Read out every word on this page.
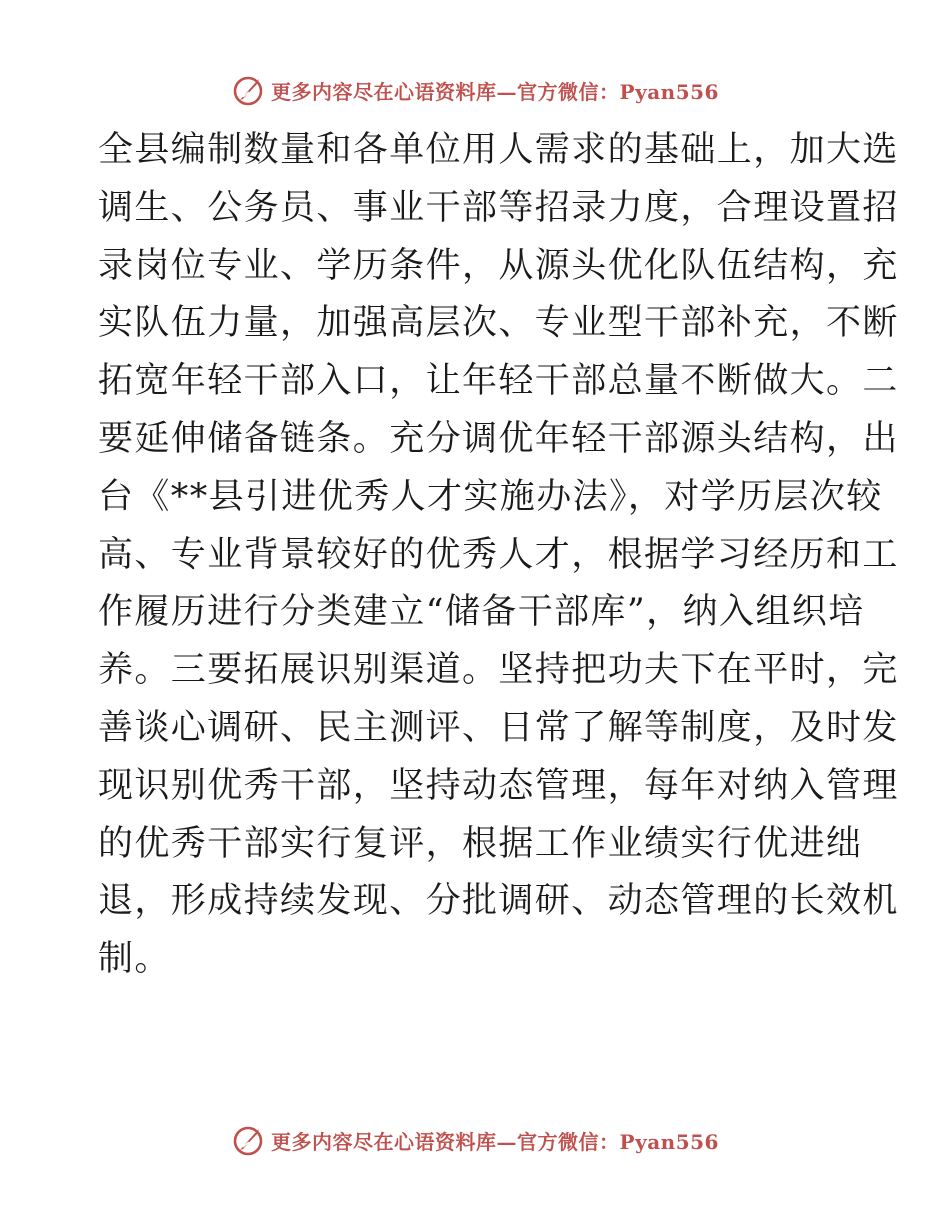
更多内容尽在心语资料库—官方微信：Pyan556
全县编制数量和各单位用人需求的基础上，加大选
调生、公务员、事业干部等招录力度，合理设置招
录岗位专业、学历条件，从源头优化队伍结构，充
实队伍力量，加强高层次、专业型干部补充，不断
拓宽年轻干部入口，让年轻干部总量不断做大。二
要延伸储备链条。充分调优年轻干部源头结构，出
台《**县引进优秀人才实施办法》，对学历层次较
高、专业背景较好的优秀人才，根据学习经历和工
作履历进行分类建立“储备干部库”，纳入组织培
养。三要拓展识别渠道。坚持把功夫下在平时，完
善谈心调研、民主测评、日常了解等制度，及时发
现识别优秀干部，坚持动态管理，每年对纳入管理
的优秀干部实行复评，根据工作业绩实行优进绌
退，形成持续发现、分批调研、动态管理的长效机
制。
更多内容尽在心语资料库—官方微信：Pyan556
